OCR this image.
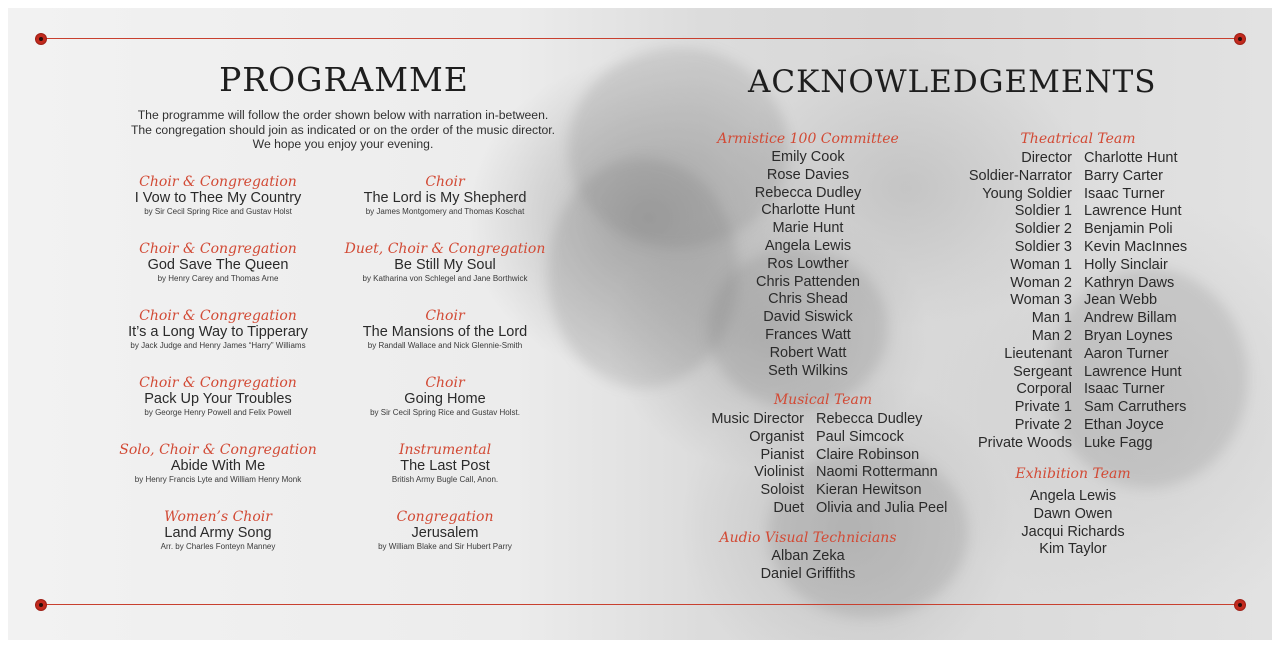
PROGRAMME
The programme will follow the order shown below with narration in-between.
The congregation should join as indicated or on the order of the music director.
We hope you enjoy your evening.
Choir & Congregation
I Vow to Thee My Country
by Sir Cecil Spring Rice and Gustav Holst
Choir & Congregation
God Save The Queen
by Henry Carey and Thomas Arne
Choir & Congregation
It’s a Long Way to Tipperary
by Jack Judge and Henry James “Harry” Williams
Choir & Congregation
Pack Up Your Troubles
by George Henry Powell and Felix Powell
Solo, Choir & Congregation
Abide With Me
by Henry Francis Lyte and William Henry Monk
Women’s Choir
Land Army Song
Arr. by Charles Fonteyn Manney
Choir
The Lord is My Shepherd
by James Montgomery and Thomas Koschat
Duet, Choir & Congregation
Be Still My Soul
by Katharina von Schlegel and Jane Borthwick
Choir
The Mansions of the Lord
by Randall Wallace and Nick Glennie-Smith
Choir
Going Home
by Sir Cecil Spring Rice and Gustav Holst.
Instrumental
The Last Post
British Army Bugle Call, Anon.
Congregation
Jerusalem
by William Blake and Sir Hubert Parry
ACKNOWLEDGEMENTS
Armistice 100 Committee
Emily Cook
Rose Davies
Rebecca Dudley
Charlotte Hunt
Marie Hunt
Angela Lewis
Ros Lowther
Chris Pattenden
Chris Shead
David Siswick
Frances Watt
Robert Watt
Seth Wilkins
Musical Team
Music Director Rebecca Dudley
Organist Paul Simcock
Pianist Claire Robinson
Violinist Naomi Rottermann
Soloist Kieran Hewitson
Duet Olivia and Julia Peel
Audio Visual Technicians
Alban Zeka
Daniel Griffiths
Theatrical Team
Director Charlotte Hunt
Soldier-Narrator Barry Carter
Young Soldier Isaac Turner
Soldier 1 Lawrence Hunt
Soldier 2 Benjamin Poli
Soldier 3 Kevin MacInnes
Woman 1 Holly Sinclair
Woman 2 Kathryn Daws
Woman 3 Jean Webb
Man 1 Andrew Billam
Man 2 Bryan Loynes
Lieutenant Aaron Turner
Sergeant Lawrence Hunt
Corporal Isaac Turner
Private 1 Sam Carruthers
Private 2 Ethan Joyce
Private Woods Luke Fagg
Exhibition Team
Angela Lewis
Dawn Owen
Jacqui Richards
Kim Taylor
